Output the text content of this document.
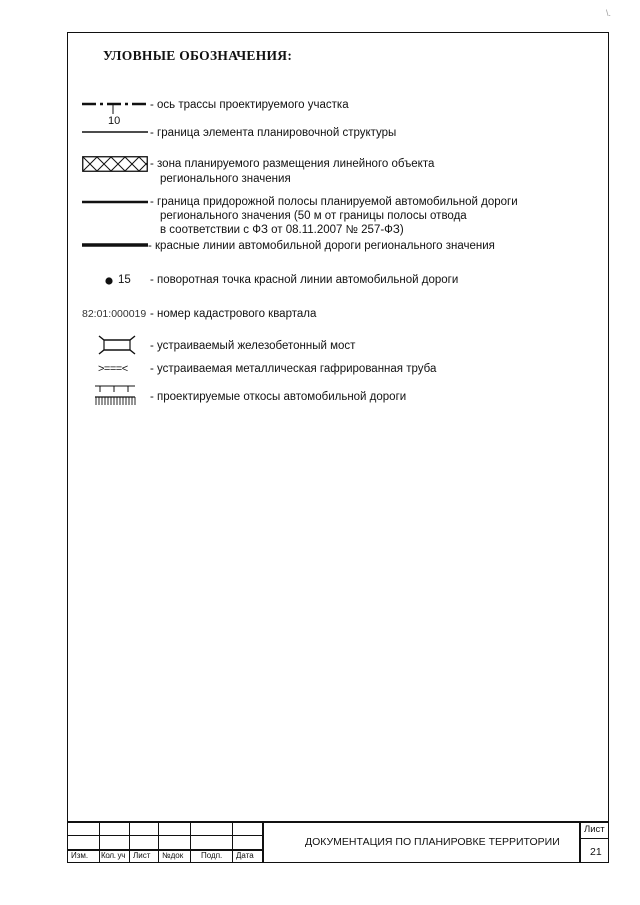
\.
УЛОВНЫЕ ОБОЗНАЧЕНИЯ:
10
- ось трассы проектируемого участка
- граница элемента планировочной структуры
- зона планируемого размещения линейного объекта
регионального значения
- граница придорожной полосы планируемой автомобильной дороги
регионального значения (50 м от границы полосы отвода
в соответствии с ФЗ от 08.11.2007 № 257-ФЗ)
- красные линии автомобильной дороги регионального значения
15 - поворотная точка красной линии автомобильной дороги
82:01:000019 - номер кадастрового квартала
- устраиваемый железобетонный мост
>===< - устраиваемая металлическая гафрированная труба
- проектируемые откосы автомобильной дороги
Изм. Кол. уч Лист №док Подп. Дата
ДОКУМЕНТАЦИЯ ПО ПЛАНИРОВКЕ ТЕРРИТОРИИ
Лист
21
